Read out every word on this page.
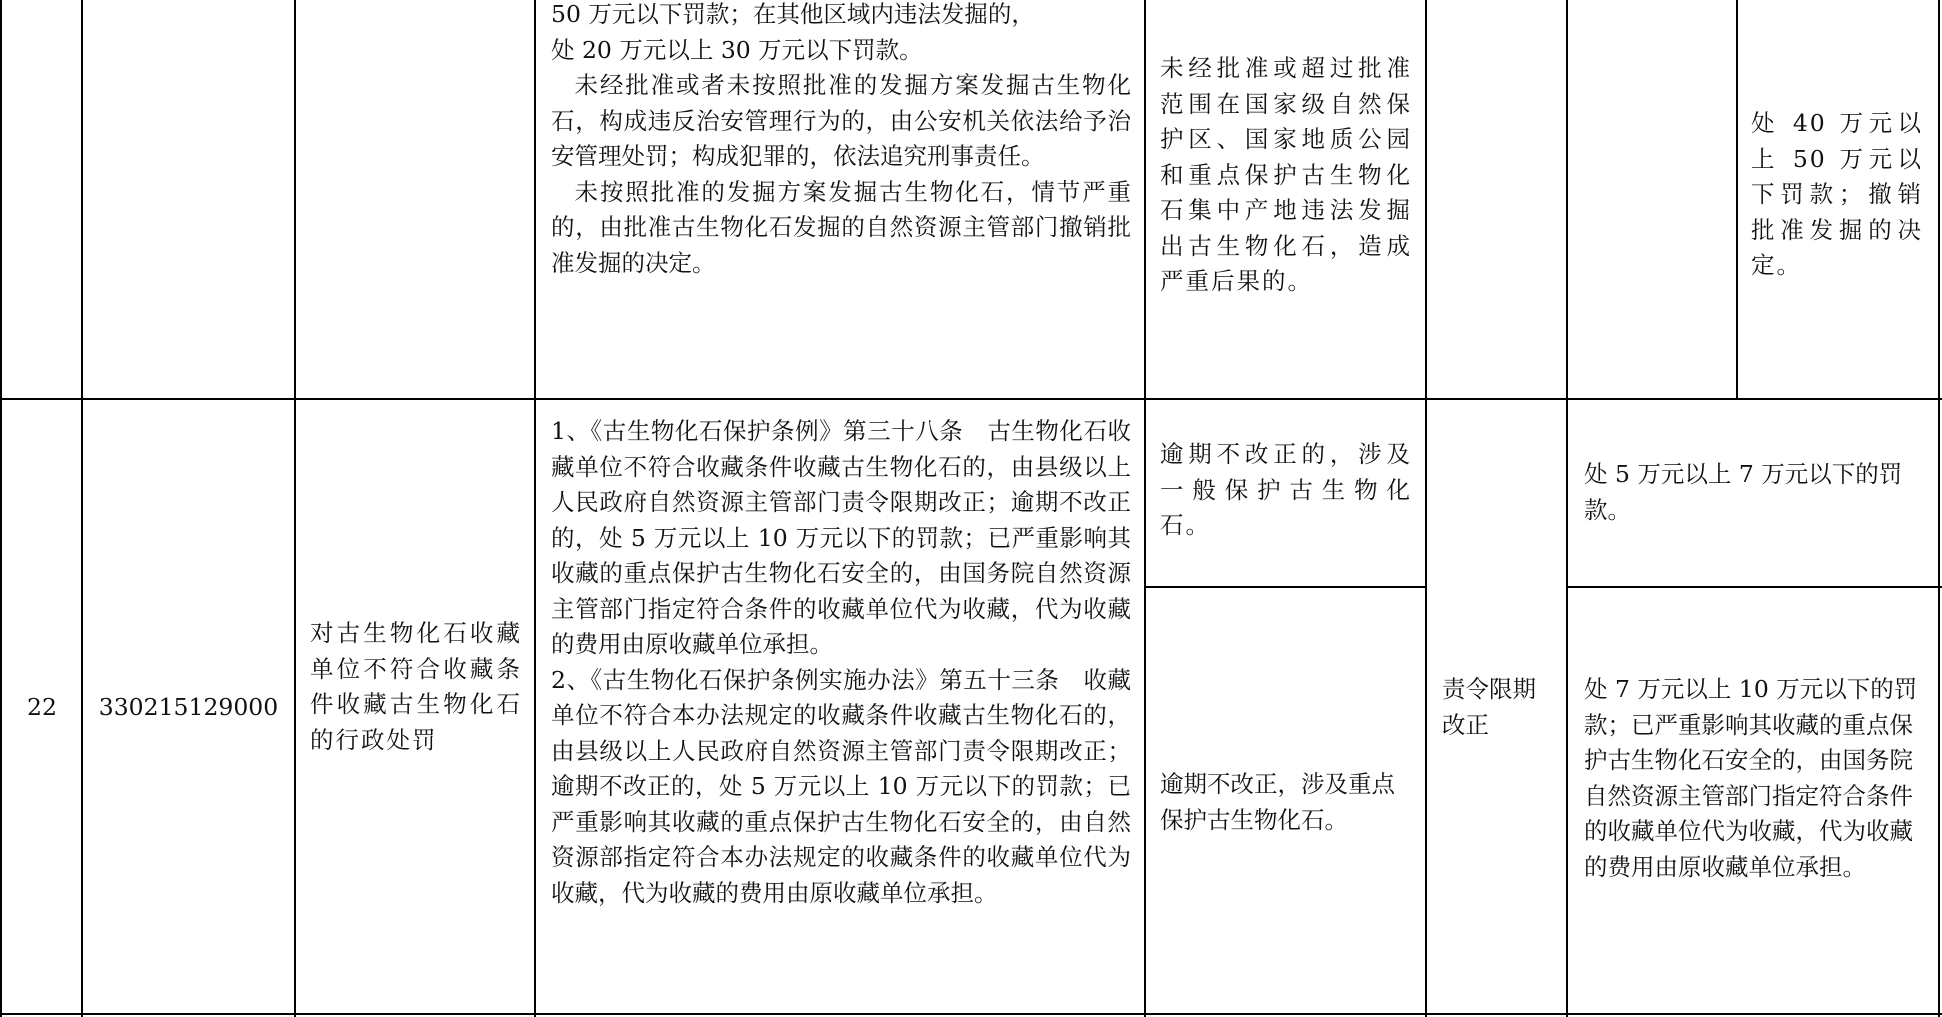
50 万元以下罚款；在其他区域内违法发掘的，
处 20 万元以上 30 万元以下罚款。
未经批准或者未按照批准的发掘方案发掘古生物化石，构成违反治安管理行为的，由公安机关依法给予治安管理处罚；构成犯罪的，依法追究刑事责任。
未按照批准的发掘方案发掘古生物化石，情节严重的，由批准古生物化石发掘的自然资源主管部门撤销批准发掘的决定。
未经批准或超过批准范围在国家级自然保护区、国家地质公园和重点保护古生物化石集中产地违法发掘出古生物化石，造成严重后果的。
处 40 万元以上 50 万元以下罚款；撤销批准发掘的决定。
22	330215129000
对古生物化石收藏单位不符合收藏条件收藏古生物化石的行政处罚
1、《古生物化石保护条例》第三十八条　古生物化石收藏单位不符合收藏条件收藏古生物化石的，由县级以上人民政府自然资源主管部门责令限期改正；逾期不改正的，处 5 万元以上 10 万元以下的罚款；已严重影响其收藏的重点保护古生物化石安全的，由国务院自然资源主管部门指定符合条件的收藏单位代为收藏，代为收藏的费用由原收藏单位承担。
2、《古生物化石保护条例实施办法》第五十三条　收藏单位不符合本办法规定的收藏条件收藏古生物化石的，由县级以上人民政府自然资源主管部门责令限期改正；逾期不改正的，处 5 万元以上 10 万元以下的罚款；已严重影响其收藏的重点保护古生物化石安全的，由自然资源部指定符合本办法规定的收藏条件的收藏单位代为收藏，代为收藏的费用由原收藏单位承担。
逾期不改正的，涉及一般保护古生物化石。
逾期不改正，涉及重点保护古生物化石。
责令限期改正
处 5 万元以上 7 万元以下的罚款。
处 7 万元以上 10 万元以下的罚款；已严重影响其收藏的重点保护古生物化石安全的，由国务院自然资源主管部门指定符合条件的收藏单位代为收藏，代为收藏的费用由原收藏单位承担。
